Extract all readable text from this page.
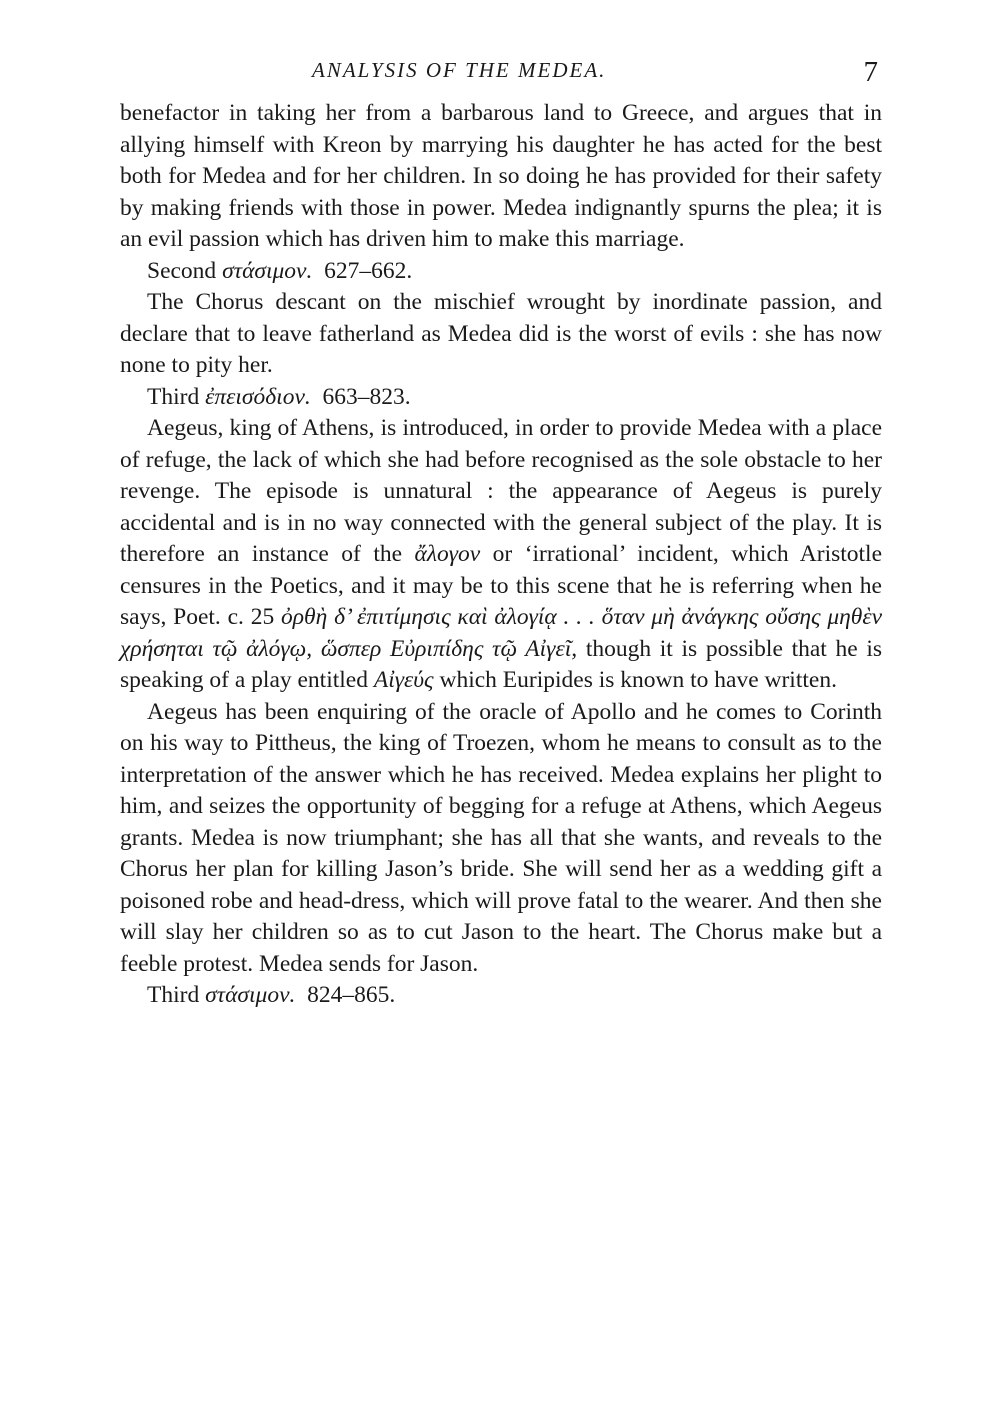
ANALYSIS OF THE MEDEA.	7

benefactor in taking her from a barbarous land to Greece, and argues that in allying himself with Kreon by marrying his daughter he has acted for the best both for Medea and for her children. In so doing he has provided for their safety by making friends with those in power. Medea indignantly spurns the plea; it is an evil passion which has driven him to make this marriage.

Second στάσιμον. 627–662.

The Chorus descant on the mischief wrought by inordinate passion, and declare that to leave fatherland as Medea did is the worst of evils : she has now none to pity her.

Third ἐπεισόδιον. 663–823.

Aegeus, king of Athens, is introduced, in order to provide Medea with a place of refuge, the lack of which she had before recognised as the sole obstacle to her revenge. The episode is unnatural : the appearance of Aegeus is purely accidental and is in no way connected with the general subject of the play. It is therefore an instance of the ἄλογον or ‘irrational’ incident, which Aristotle censures in the Poetics, and it may be to this scene that he is referring when he says, Poet. c. 25 ὀρθὴ δ’ ἐπιτίμησις καὶ ἀλογίᾳ . . . ὅταν μὴ ἀνάγκης οὔσης μηθὲν χρήσηται τῷ ἀλόγῳ, ὥσπερ Εὐριπίδης τῷ Αἰγεῖ, though it is possible that he is speaking of a play entitled Αἰγεύς which Euripides is known to have written.

Aegeus has been enquiring of the oracle of Apollo and he comes to Corinth on his way to Pittheus, the king of Troezen, whom he means to consult as to the interpretation of the answer which he has received. Medea explains her plight to him, and seizes the opportunity of begging for a refuge at Athens, which Aegeus grants. Medea is now triumphant; she has all that she wants, and reveals to the Chorus her plan for killing Jason’s bride. She will send her as a wedding gift a poisoned robe and head-dress, which will prove fatal to the wearer. And then she will slay her children so as to cut Jason to the heart. The Chorus make but a feeble protest. Medea sends for Jason.

Third στάσιμον. 824–865.
